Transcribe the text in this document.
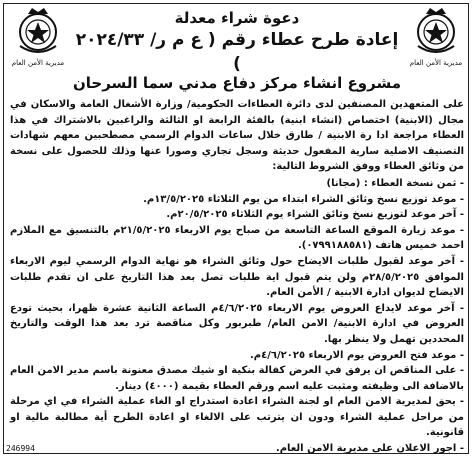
مديرية الأمن العام	مديرية الأمن العام
دعوة شراء معدلة
إعادة طرح عطاء رقم ( ع م ر/ ٢٠٢٤/٣٣ )
مشروع انشاء مركز دفاع مدني سما السرحان

على المتعهدين المصنفين لدى دائرة العطاءات الحكومية/ وزارة الأشغال العامة والاسكان في مجال (الابنية) اختصاص (انشاء ابنية) بالفئة الرابعة او الثالثة والراغبين بالاشتراك في هذا العطاء مراجعة ادا رة الابنية / طارق خلال ساعات الدوام الرسمي مصطحبين معهم شهادات التصنيف الاصلية سارية المفعول حديثة وسجل تجاري وصورا عنها وذلك للحصول على نسخة من وثائق العطاء ووفق الشروط التالية:

- ثمن نسخة العطاء : (مجانا)

- موعد توزيع نسخ وثائق الشراء ابتداء من يوم الثلاثاء ١٣/٥/٢٠٢٥م.

- آخر موعد لتوزيع نسخ وثائق الشراء يوم الثلاثاء ٢٠/٥/٢٠٢٥م.

- موعد زيارة الموقع الساعة التاسعة من صباح يوم الاربعاء ٢١/٥/٢٠٢٥م بالتنسيق مع الملازم احمد خميس هاتف (٠٧٩٩١٨٨٥٨١).

- آخر موعد لقبول طلبات الايضاح حول وثائق الشراء هو نهاية الدوام الرسمي ليوم الاربعاء الموافق ٢٨/٥/٢٠٢٥م ولن يتم قبول اية طلبات تصل بعد هذا التاريخ على ان تقدم طلبات الايضاح لديوان ادارة الابنية / الأمن العام.

- آخر موعد لايداع العروض يوم الاربعاء ٤/٦/٢٠٢٥م الساعة الثانية عشرة ظهرا، بحيث تودع العروض في ادارة الابنية/ الامن العام/ طبربور وكل مناقصة ترد بعد هذا الوقت والتاريخ المحددين تهمل ولا ينظر بها.

- موعد فتح العروض يوم الاربعاء ٤/٦/٢٠٢٥م.

- على المناقص ان يرفق في العرض كفالة بنكية او شيك مصدق معنونة باسم مدير الامن العام بالاضافة الى وظيفته ومثبت عليه اسم ورقم العطاء بقيمة (٤٠٠٠) دينار.

- يحق لمديرية الامن العام او لجنة الشراء اعادة استدراج او الغاء عملية الشراء في اي مرحلة من مراحل عملية الشراء ودون ان يترتب على الالغاء او اعادة الطرح أية مطالبة مالية او قانونية.

- اجور الاعلان على مديرية الامن العام.

246994
